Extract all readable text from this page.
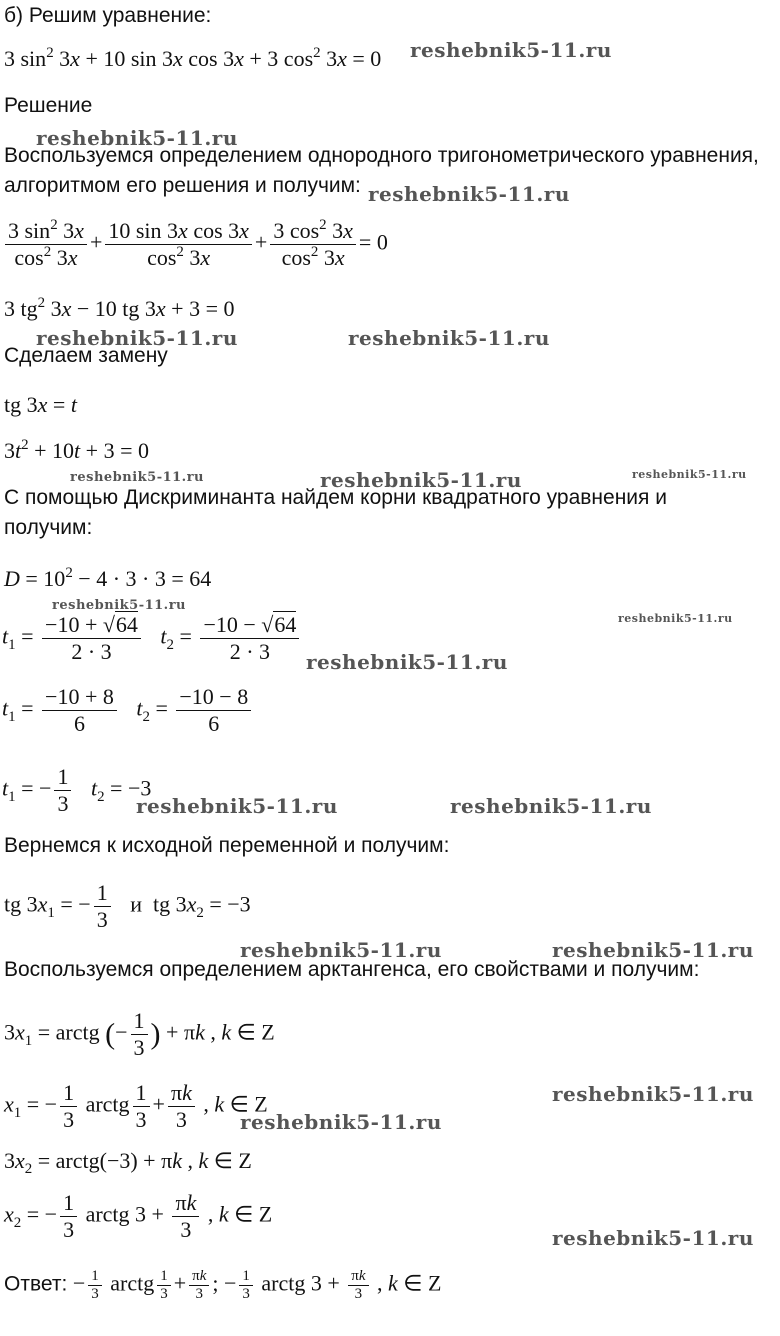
б) Решим уравнение:
3 $\sin^2 3x + 10$ sin 3x cos 3x + 3 $\cos^2 3x = 0$
Решение
Воспользуемся определением однородного тригонометрического уравнения,
алгоритмом его решения и получим:
$\frac{3 \sin^2 3x}{\cos^2 3x} + \frac{\text{10 sin 3x cos 3x}}{\cos^2 3x} + \frac{3 \cos^2 3x}{\cos^2 3x} = 0$
3 $tg^2$ 3x − 10 tg 3x + 3 = 0
Сделаем замену
tg 3x = t
$3t^2 + 10t + 3 = 0$
С помощью Дискриминанта найдем корни квадратного уравнения и
получим:
$D = 10^2 - 4 \cdot 3 \cdot 3 = 64$
$t_1 = \frac{-10 + √64}{2 \cdot 3} t_2 = \frac{-10 - √64}{2 \cdot 3}$
$t_1 = \frac{-10 + 8}{6} t_2 = \frac{-10 - 8}{6}$
$t_1$ = − $\frac{1}{3} t_2 = -3$
Вернемся к исходной переменной и получим:
tg $3x_1$ = − $\frac{1}{3}$ и  tg $3x_2 = -3$
Воспользуемся определением арктангенса, его свойствами и получим:
$3x_1$ = arctg (− $\frac{1}{3}$ ) + πk , k ∈ Z
$x_1$ = − $\frac{1}{3}$ arctg $\frac{1}{3} + \frac{\pi k}{3}$ , k ∈ Z
$3x_2$ = arctg(−3) + πk , k ∈ Z
$x_2$ = − $\frac{1}{3}$ arctg $3 + \frac{\pi k}{3}$ , k ∈ Z
Ответ: − $\frac{1}{3}$ arctg $\frac{1}{3} + \frac{\pi k}{3}$ ; − $\frac{1}{3}$ arctg $3 + \frac{\pi k}{3}$ , k ∈ Z
reshebnik5-11.ru
reshebnik5-11.ru
reshebnik5-11.ru
reshebnik5-11.ru	reshebnik5-11.ru
reshebnik5-11.ru	reshebnik5-11.ru	reshebnik5-11.ru
reshebnik5-11.ru
reshebnik5-11.ru
reshebnik5-11.ru
reshebnik5-11.ru	reshebnik5-11.ru
reshebnik5-11.ru	reshebnik5-11.ru
reshebnik5-11.ru
reshebnik5-11.ru
reshebnik5-11.ru
